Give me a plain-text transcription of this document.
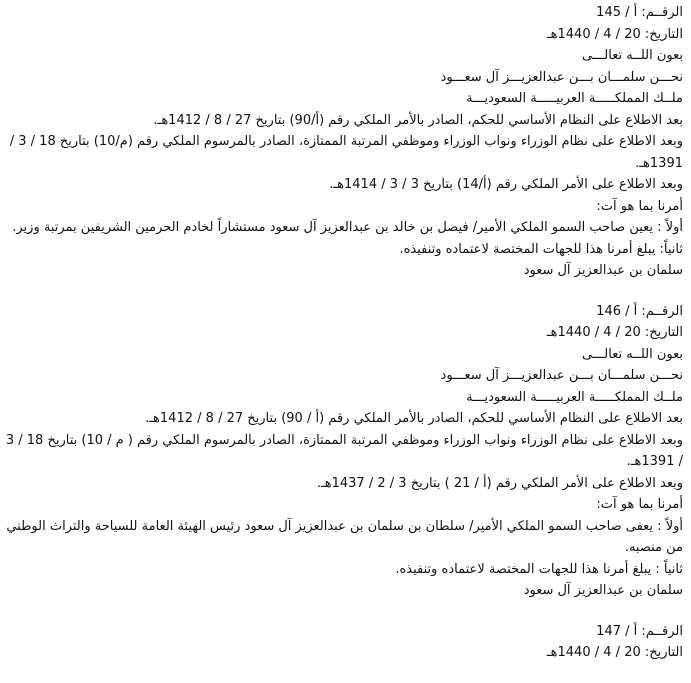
الرقــم: أ / 145
التاريخ: 20 / 4 / 1440هـ
بعون اللــه تعالـــى
نحـــن سلمـــان بـــن عبدالعزيـــز آل سعـــود
ملــك المملكـــــة العربيـــــة السعوديـــة
بعد الاطلاع على النظام الأساسي للحكم، الصادر بالأمر الملكي رقم (أ/90) بتاريخ 27 / 8 / 1412هـ.
وبعد الاطلاع على نظام الوزراء ونواب الوزراء وموظفي المرتبة الممتازة، الصادر بالمرسوم الملكي رقم (م/10) بتاريخ 18 / 3 / 1391هـ.
وبعد الاطلاع على الأمر الملكي رقم (أ/14) بتاريخ 3 / 3 / 1414هـ.
أمرنا بما هو آت:
أولاً : يعين صاحب السمو الملكي الأمير/ فيصل بن خالد بن عبدالعزيز آل سعود مستشاراً لخادم الحرمين الشريفين بمرتبة وزير.
ثانياً: يبلغ أمرنا هذا للجهات المختصة لاعتماده وتنفيذه.
سلمان بن عبدالعزيز آل سعود
الرقــم: أ / 146
التاريخ: 20 / 4 / 1440هـ
بعون اللــه تعالـــى
نحـــن سلمـــان بـــن عبدالعزيـــز آل سعـــود
ملــك المملكـــــة العربيـــــة السعوديـــة
بعد الاطلاع على النظام الأساسي للحكم، الصادر بالأمر الملكي رقم (أ / 90) بتاريخ 27 / 8 / 1412هـ.
وبعد الاطلاع على نظام الوزراء ونواب الوزراء وموظفي المرتبة الممتازة، الصادر بالمرسوم الملكي رقم ( م / 10) بتاريخ 18 / 3 / 1391هـ.
وبعد الاطلاع على الأمر الملكي رقم (أ / 21 ) بتاريخ 3 / 2 / 1437هـ.
أمرنا بما هو آت:
أولاً : يعفى صاحب السمو الملكي الأمير/ سلطان بن سلمان بن عبدالعزيز آل سعود رئيس الهيئة العامة للسياحة والتراث الوطني من منصبه.
ثانياً : يبلغ أمرنا هذا للجهات المختصة لاعتماده وتنفيذه.
سلمان بن عبدالعزيز آل سعود
الرقــم: أ / 147
التاريخ: 20 / 4 / 1440هـ
